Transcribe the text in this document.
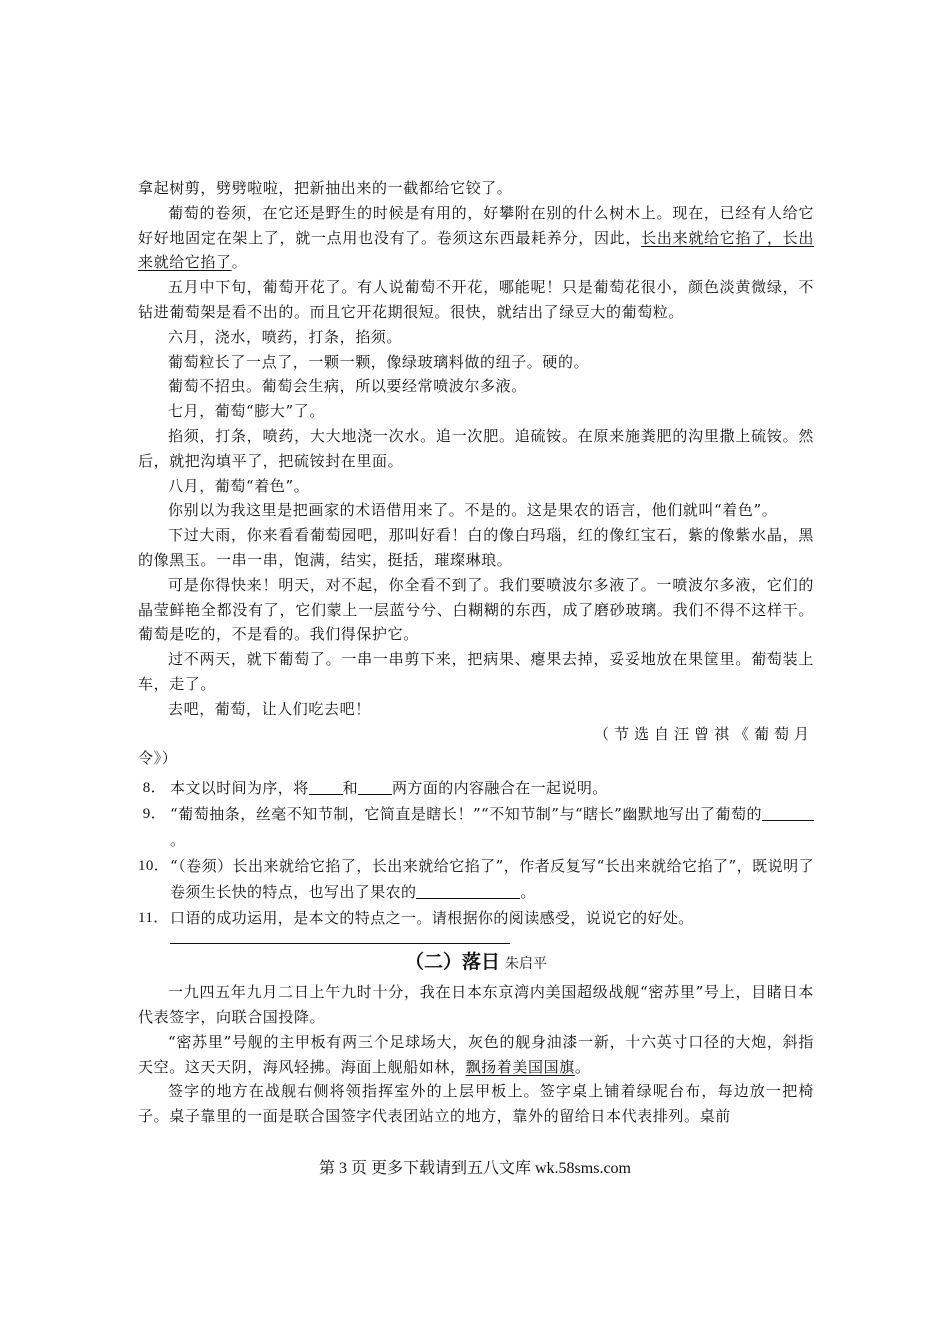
拿起树剪，劈劈啦啦，把新抽出来的一截都给它铰了。

葡萄的卷须，在它还是野生的时候是有用的，好攀附在别的什么树木上。现在，已经有人给它好好地固定在架上了，就一点用也没有了。卷须这东西最耗养分，因此，长出来就给它掐了，长出来就给它掐了。

五月中下旬，葡萄开花了。有人说葡萄不开花，哪能呢！只是葡萄花很小，颜色淡黄微绿，不钻进葡萄架是看不出的。而且它开花期很短。很快，就结出了绿豆大的葡萄粒。

六月，浇水，喷药，打条，掐须。

葡萄粒长了一点了，一颗一颗，像绿玻璃料做的纽子。硬的。

葡萄不招虫。葡萄会生病，所以要经常喷波尔多液。

七月，葡萄“膨大”了。

掐须，打条，喷药，大大地浇一次水。追一次肥。追硫铵。在原来施粪肥的沟里撒上硫铵。然后，就把沟填平了，把硫铵封在里面。

八月，葡萄“着色”。

你别以为我这里是把画家的术语借用来了。不是的。这是果农的语言，他们就叫“着色”。

下过大雨，你来看看葡萄园吧，那叫好看！白的像白玛瑙，红的像红宝石，紫的像紫水晶，黑的像黑玉。一串一串，饱满，结实，挺括，璀璨琳琅。

可是你得快来！明天，对不起，你全看不到了。我们要喷波尔多液了。一喷波尔多液，它们的晶莹鲜艳全都没有了，它们蒙上一层蓝兮兮、白糊糊的东西，成了磨砂玻璃。我们不得不这样干。葡萄是吃的，不是看的。我们得保护它。

过不两天，就下葡萄了。一串一串剪下来，把病果、瘪果去掉，妥妥地放在果筐里。葡萄装上车，走了。

去吧，葡萄，让人们吃去吧！

（节选自汪曾祺《葡萄月
令》）

8． 本文以时间为序，将 和 两方面的内容融合在一起说明。

9． “葡萄抽条，丝毫不知节制，它简直是瞎长！”“不知节制”与“瞎长”幽默地写出了葡萄的。

10． “（卷须）长出来就给它掐了，长出来就给它掐了”，作者反复写“长出来就给它掐了”，既说明了卷须生长快的特点，也写出了果农的	。

11． 口语的成功运用，是本文的特点之一。请根据你的阅读感受，说说它的好处。

（二）落日 朱启平

一九四五年九月二日上午九时十分，我在日本东京湾内美国超级战舰“密苏里”号上，目睹日本代表签字，向联合国投降。

“密苏里”号舰的主甲板有两三个足球场大，灰色的舰身油漆一新，十六英寸口径的大炮，斜指天空。这天天阴，海风轻拂。海面上舰船如林，飘扬着美国国旗。

签字的地方在战舰右侧将领指挥室外的上层甲板上。签字桌上铺着绿呢台布，每边放一把椅子。桌子靠里的一面是联合国签字代表团站立的地方，靠外的留给日本代表排列。桌前

第 3 页 更多下载请到五八文库 wk.58sms.com
